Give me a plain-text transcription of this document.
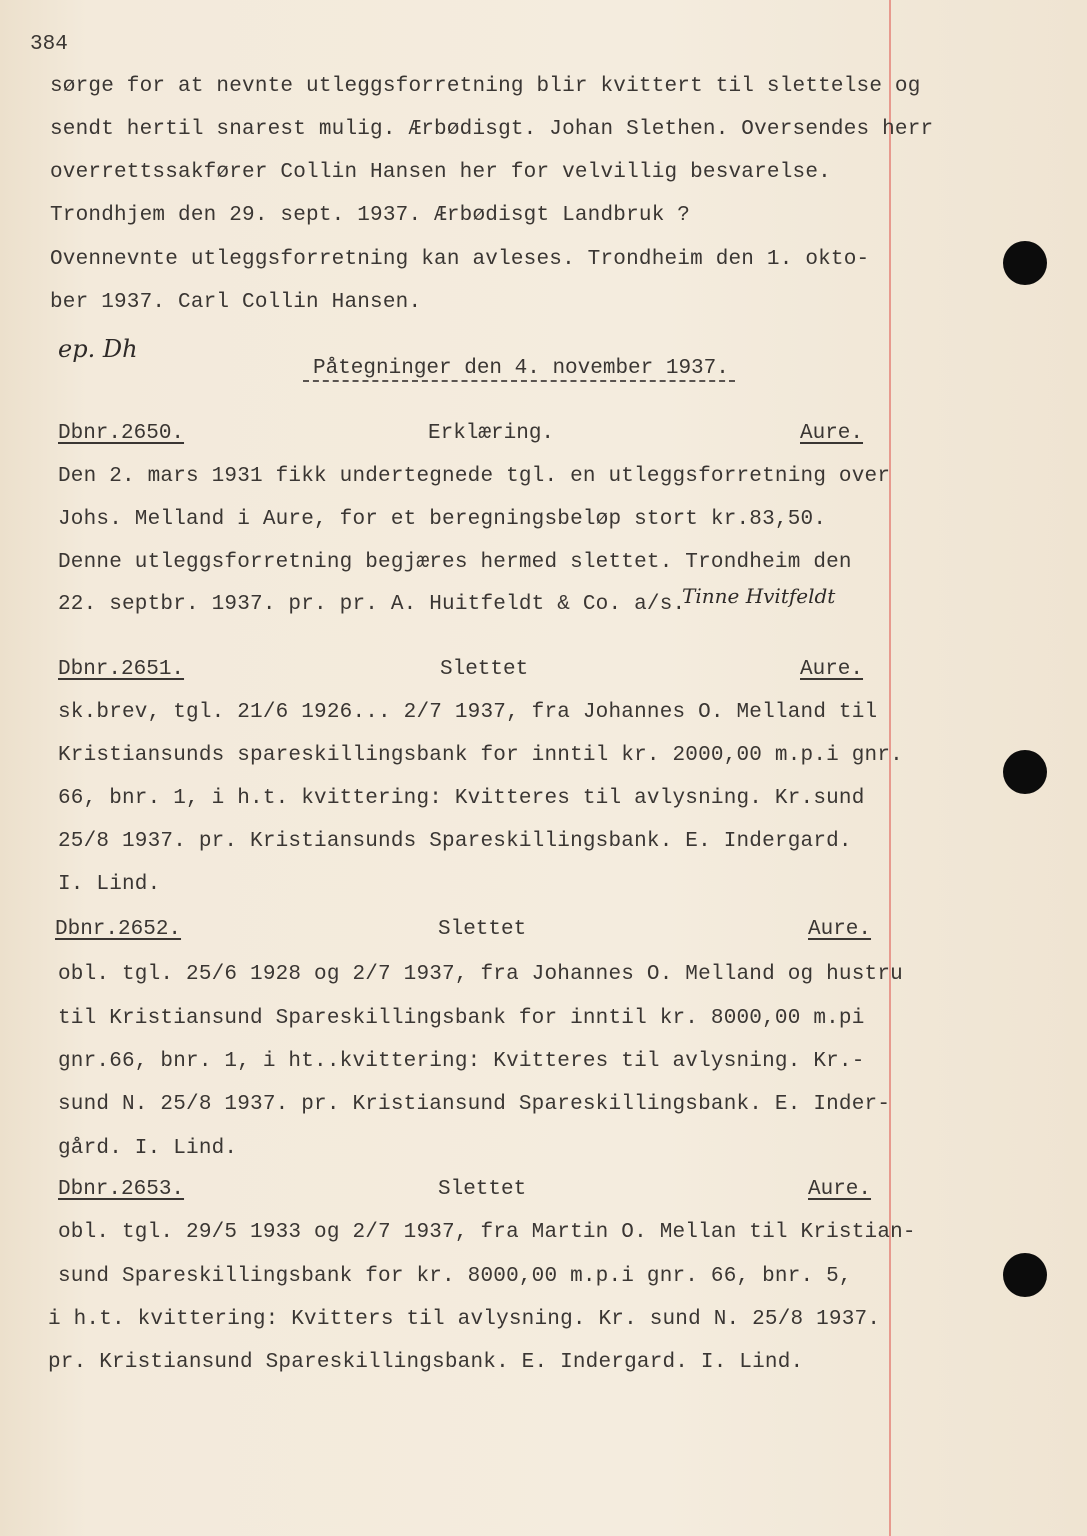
384
sørge for at nevnte utleggsforretning blir kvittert til slettelse og
sendt hertil snarest mulig. Ærbødisgt. Johan Slethen. Oversendes herr
overrettssakfører Collin Hansen her for velvillig besvarelse.
Trondhjem den 29. sept. 1937. Ærbødisgt Landbruk ?
Ovennevnte utleggsforretning kan avleses. Trondheim den 1. okto-
ber 1937. Carl Collin Hansen.
ep. Dh
Påtegninger den 4. november 1937.
Dbnr.2650.	Erklæring.	Aure.
Den 2. mars 1931 fikk undertegnede tgl. en utleggsforretning over
Johs. Melland i Aure, for et beregningsbeløp stort kr.83,50.
Denne utleggsforretning begjæres hermed slettet. Trondheim den
22. septbr. 1937. pr. pr. A. Huitfeldt & Co. a/s.
Tinne Hvitfeldt
Dbnr.2651.	Slettet	Aure.
sk.brev, tgl. 21/6 1926... 2/7 1937, fra Johannes O. Melland til
Kristiansunds spareskillingsbank for inntil kr. 2000,00 m.p.i gnr.
66, bnr. 1, i h.t. kvittering: Kvitteres til avlysning. Kr.sund
25/8 1937. pr. Kristiansunds Spareskillingsbank. E. Indergard.
I. Lind.
Dbnr.2652.	Slettet	Aure.
obl. tgl. 25/6 1928 og 2/7 1937, fra Johannes O. Melland og hustru
til Kristiansund Spareskillingsbank for inntil kr. 8000,00 m.pi
gnr.66, bnr. 1, i ht..kvittering: Kvitteres til avlysning. Kr.-
sund N. 25/8 1937. pr. Kristiansund Spareskillingsbank. E. Inder-
gård. I. Lind.
Dbnr.2653.	Slettet	Aure.
obl. tgl. 29/5 1933 og 2/7 1937, fra Martin O. Mellan til Kristian-
sund Spareskillingsbank for kr. 8000,00 m.p.i gnr. 66, bnr. 5,
i h.t. kvittering: Kvitters til avlysning. Kr. sund N. 25/8 1937.
pr. Kristiansund Spareskillingsbank. E. Indergard. I. Lind.
